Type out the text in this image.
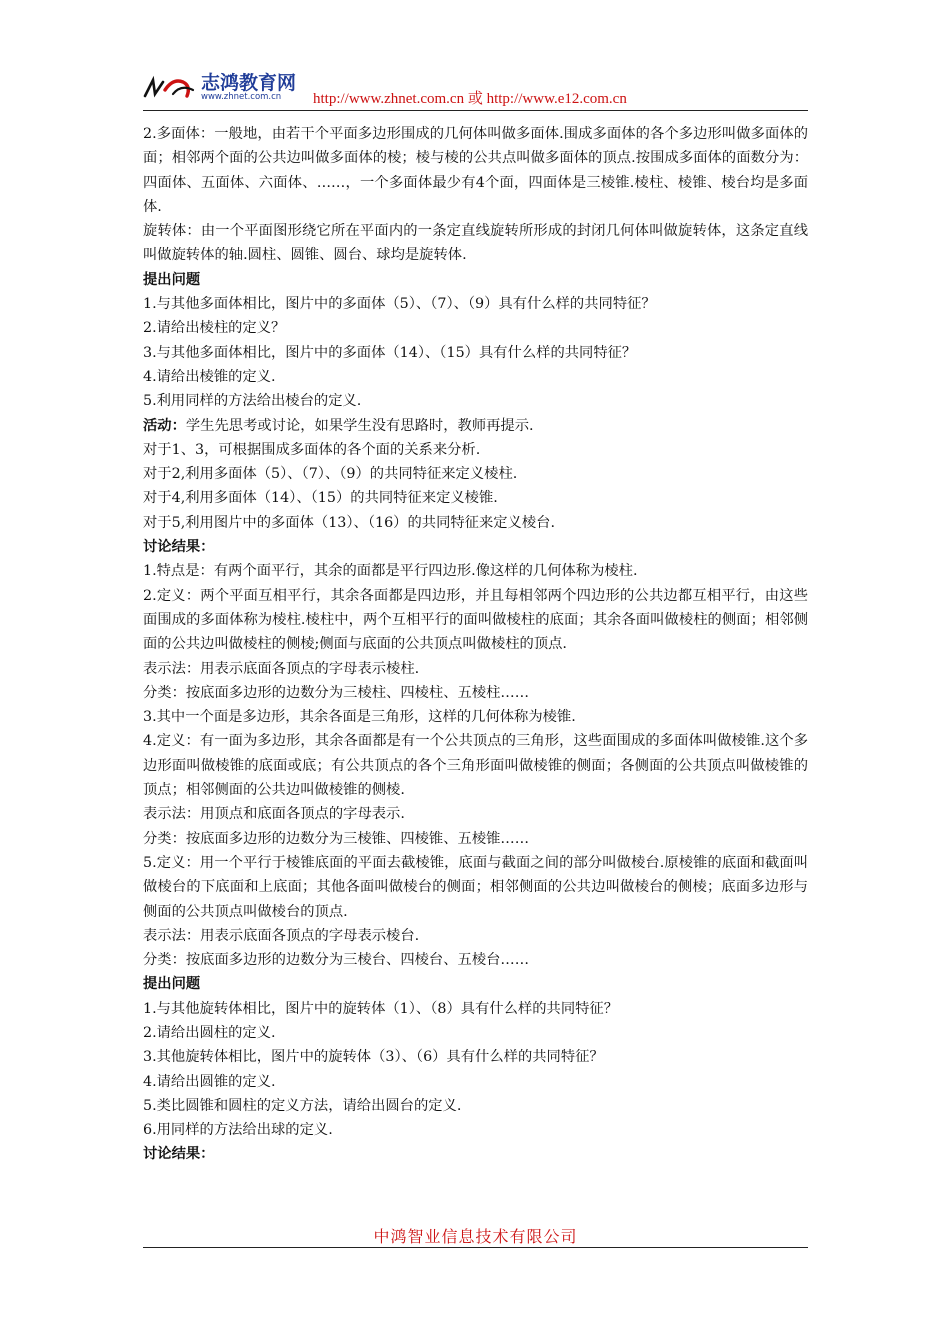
志鸿教育网
www.zhnet.com.cn http://www.zhnet.com.cn 或 http://www.e12.com.cn

2.多面体：一般地，由若干个平面多边形围成的几何体叫做多面体.围成多面体的各个多边形叫做多面体的面；相邻两个面的公共边叫做多面体的棱；棱与棱的公共点叫做多面体的顶点.按围成多面体的面数分为：四面体、五面体、六面体、……，一个多面体最少有4个面，四面体是三棱锥.棱柱、棱锥、棱台均是多面体.

旋转体：由一个平面图形绕它所在平面内的一条定直线旋转所形成的封闭几何体叫做旋转体，这条定直线叫做旋转体的轴.圆柱、圆锥、圆台、球均是旋转体.

提出问题

1.与其他多面体相比，图片中的多面体（5）、（7）、（9）具有什么样的共同特征？

2.请给出棱柱的定义？

3.与其他多面体相比，图片中的多面体（14）、（15）具有什么样的共同特征？

4.请给出棱锥的定义.

5.利用同样的方法给出棱台的定义.

活动：学生先思考或讨论，如果学生没有思路时，教师再提示.

对于1、3，可根据围成多面体的各个面的关系来分析.

对于2,利用多面体（5）、（7）、（9）的共同特征来定义棱柱.

对于4,利用多面体（14）、（15）的共同特征来定义棱锥.

对于5,利用图片中的多面体（13）、（16）的共同特征来定义棱台.

讨论结果：

1.特点是：有两个面平行，其余的面都是平行四边形.像这样的几何体称为棱柱.

2.定义：两个平面互相平行，其余各面都是四边形，并且每相邻两个四边形的公共边都互相平行，由这些面围成的多面体称为棱柱.棱柱中，两个互相平行的面叫做棱柱的底面；其余各面叫做棱柱的侧面；相邻侧面的公共边叫做棱柱的侧棱;侧面与底面的公共顶点叫做棱柱的顶点.

表示法：用表示底面各顶点的字母表示棱柱.

分类：按底面多边形的边数分为三棱柱、四棱柱、五棱柱……

3.其中一个面是多边形，其余各面是三角形，这样的几何体称为棱锥.

4.定义：有一面为多边形，其余各面都是有一个公共顶点的三角形，这些面围成的多面体叫做棱锥.这个多边形面叫做棱锥的底面或底；有公共顶点的各个三角形面叫做棱锥的侧面；各侧面的公共顶点叫做棱锥的顶点；相邻侧面的公共边叫做棱锥的侧棱.

表示法：用顶点和底面各顶点的字母表示.

分类：按底面多边形的边数分为三棱锥、四棱锥、五棱锥……

5.定义：用一个平行于棱锥底面的平面去截棱锥，底面与截面之间的部分叫做棱台.原棱锥的底面和截面叫做棱台的下底面和上底面；其他各面叫做棱台的侧面；相邻侧面的公共边叫做棱台的侧棱；底面多边形与侧面的公共顶点叫做棱台的顶点.

表示法：用表示底面各顶点的字母表示棱台.

分类：按底面多边形的边数分为三棱台、四棱台、五棱台……

提出问题

1.与其他旋转体相比，图片中的旋转体（1）、（8）具有什么样的共同特征？

2.请给出圆柱的定义.

3.其他旋转体相比，图片中的旋转体（3）、（6）具有什么样的共同特征？

4.请给出圆锥的定义.

5.类比圆锥和圆柱的定义方法，请给出圆台的定义.

6.用同样的方法给出球的定义.

讨论结果：

中鸿智业信息技术有限公司
